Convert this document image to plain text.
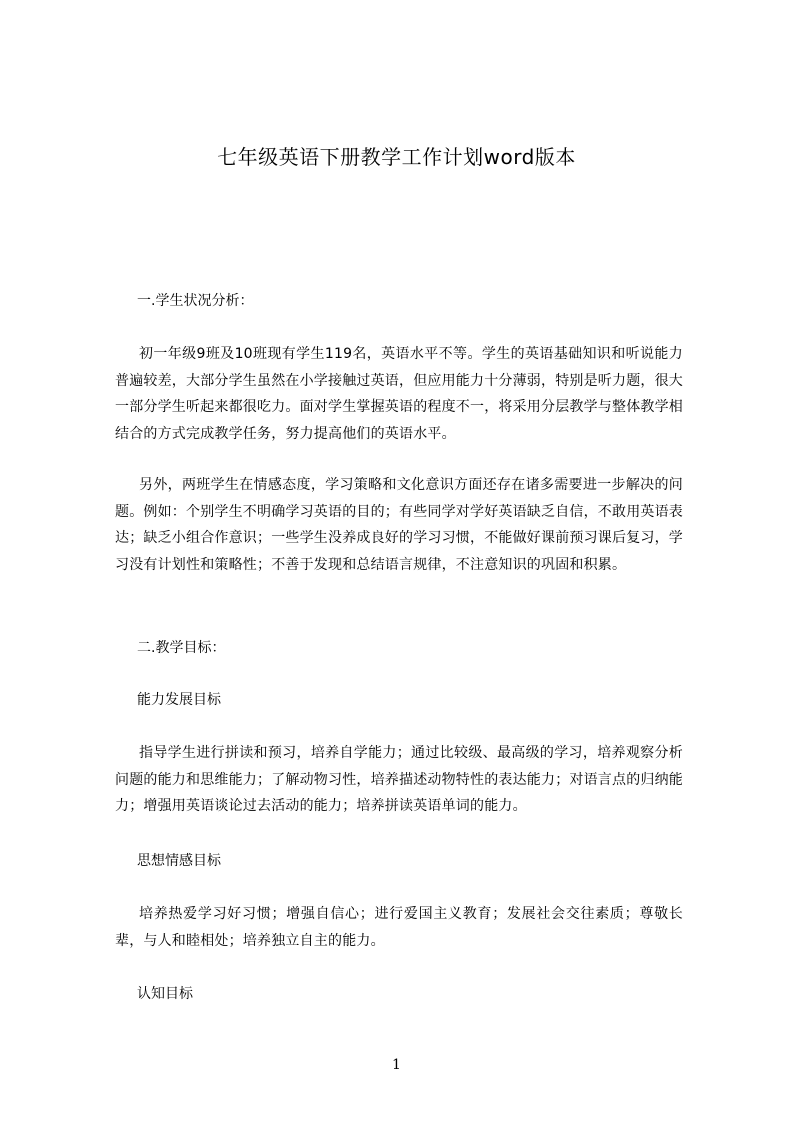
七年级英语下册教学工作计划word版本

一.学生状况分析：

初一年级9班及10班现有学生119名，英语水平不等。学生的英语基础知识和听说能力普遍较差，大部分学生虽然在小学接触过英语，但应用能力十分薄弱，特别是听力题，很大一部分学生听起来都很吃力。面对学生掌握英语的程度不一，将采用分层教学与整体教学相结合的方式完成教学任务，努力提高他们的英语水平。

另外，两班学生在情感态度，学习策略和文化意识方面还存在诸多需要进一步解决的问题。例如：个别学生不明确学习英语的目的；有些同学对学好英语缺乏自信，不敢用英语表达；缺乏小组合作意识；一些学生没养成良好的学习习惯，不能做好课前预习课后复习，学习没有计划性和策略性；不善于发现和总结语言规律，不注意知识的巩固和积累。

二.教学目标：

能力发展目标

指导学生进行拼读和预习，培养自学能力；通过比较级、最高级的学习，培养观察分析问题的能力和思维能力；了解动物习性，培养描述动物特性的表达能力；对语言点的归纳能力；增强用英语谈论过去活动的能力；培养拼读英语单词的能力。

思想情感目标

培养热爱学习好习惯；增强自信心；进行爱国主义教育；发展社会交往素质；尊敬长辈，与人和睦相处；培养独立自主的能力。

认知目标

1
